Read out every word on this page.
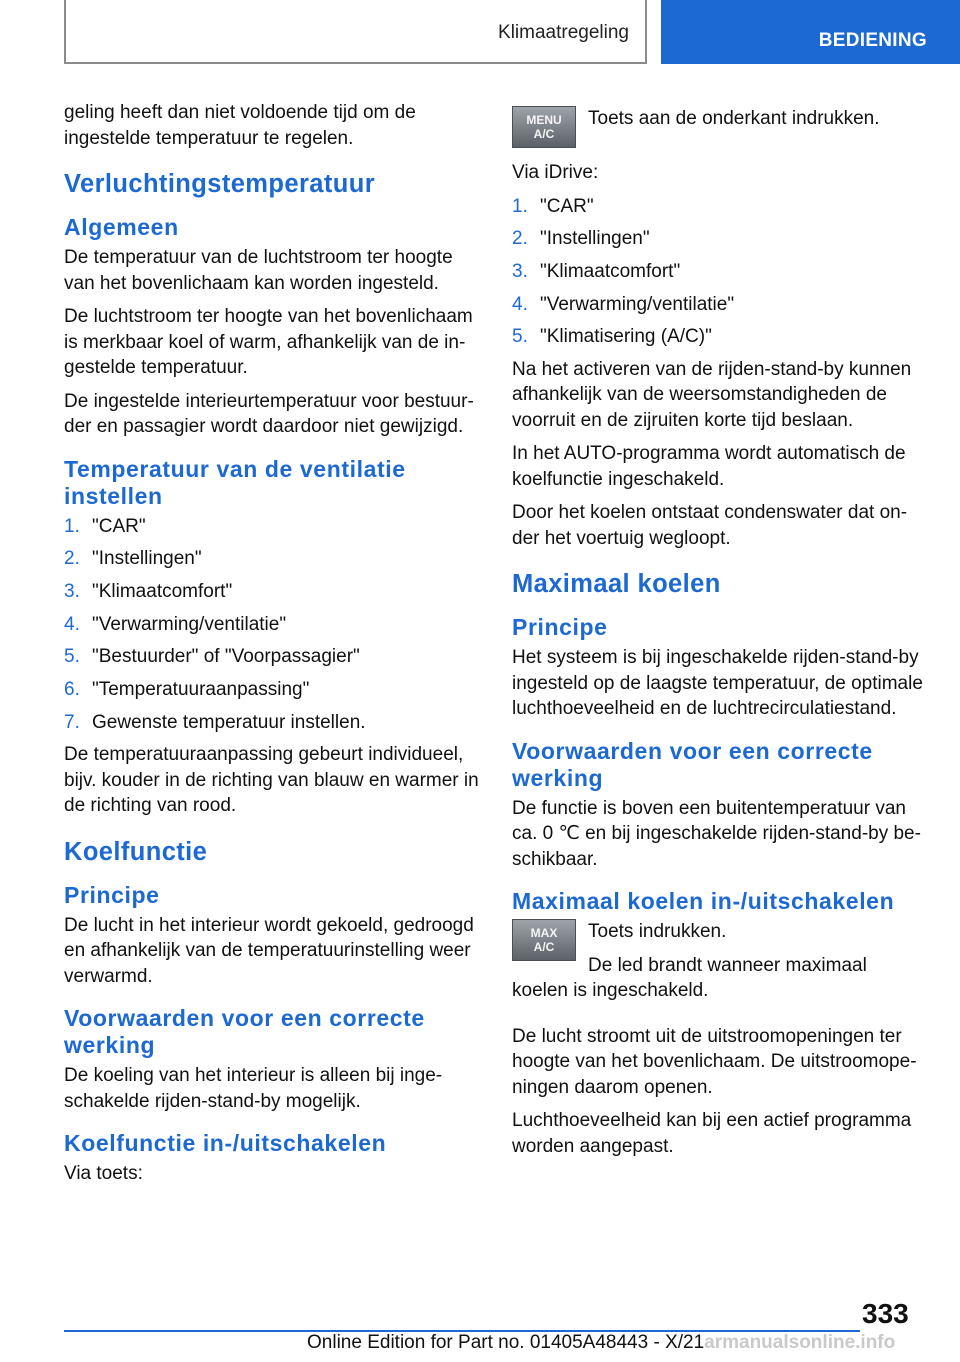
Klimaatregeling	BEDIENING

geling heeft dan niet voldoende tijd om de ingestelde temperatuur te regelen.

Verluchtingstemperatuur
Algemeen

De temperatuur van de luchtstroom ter hoogte van het bovenlichaam kan worden ingesteld.

De luchtstroom ter hoogte van het bovenlichaam is merkbaar koel of warm, afhankelijk van de in‐gestelde temperatuur.

De ingestelde interieurtemperatuur voor bestuur‐der en passagier wordt daardoor niet gewijzigd.

Temperatuur van de ventilatie instellen
1. "CAR"
2. "Instellingen"
3. "Klimaatcomfort"
4. "Verwarming/ventilatie"
5. "Bestuurder" of "Voorpassagier"
6. "Temperatuuraanpassing"
7. Gewenste temperatuur instellen.

De temperatuuraanpassing gebeurt individueel, bijv. kouder in de richting van blauw en warmer in de richting van rood.

Koelfunctie
Principe

De lucht in het interieur wordt gekoeld, gedroogd en afhankelijk van de temperatuurinstelling weer verwarmd.

Voorwaarden voor een correcte werking

De koeling van het interieur is alleen bij inge‐schakelde rijden-stand-by mogelijk.

Koelfunctie in-/uitschakelen

Via toets:

MENU
A/C

Toets aan de onderkant indrukken.

Via iDrive:

1. "CAR"
2. "Instellingen"
3. "Klimaatcomfort"
4. "Verwarming/ventilatie"
5. "Klimatisering (A/C)"

Na het activeren van de rijden-stand-by kunnen afhankelijk van de weersomstandigheden de voorruit en de zijruiten korte tijd beslaan.

In het AUTO-programma wordt automatisch de koelfunctie ingeschakeld.

Door het koelen ontstaat condenswater dat on‐der het voertuig wegloopt.

Maximaal koelen
Principe

Het systeem is bij ingeschakelde rijden-stand-by ingesteld op de laagste temperatuur, de optimale luchthoeveelheid en de luchtrecirculatiestand.

Voorwaarden voor een correcte werking

De functie is boven een buitentemperatuur van ca. 0 ℃ en bij ingeschakelde rijden-stand-by be‐schikbaar.

Maximaal koelen in-/uitschakelen
MAX
A/C

Toets indrukken.

De led brandt wanneer maximaal koelen is ingeschakeld.

De lucht stroomt uit de uitstroomopeningen ter hoogte van het bovenlichaam. De uitstroomope‐ningen daarom openen.

Luchthoeveelheid kan bij een actief programma worden aangepast.

333
Online Edition for Part no. 01405A48443 - X/21armanualsonline.info
